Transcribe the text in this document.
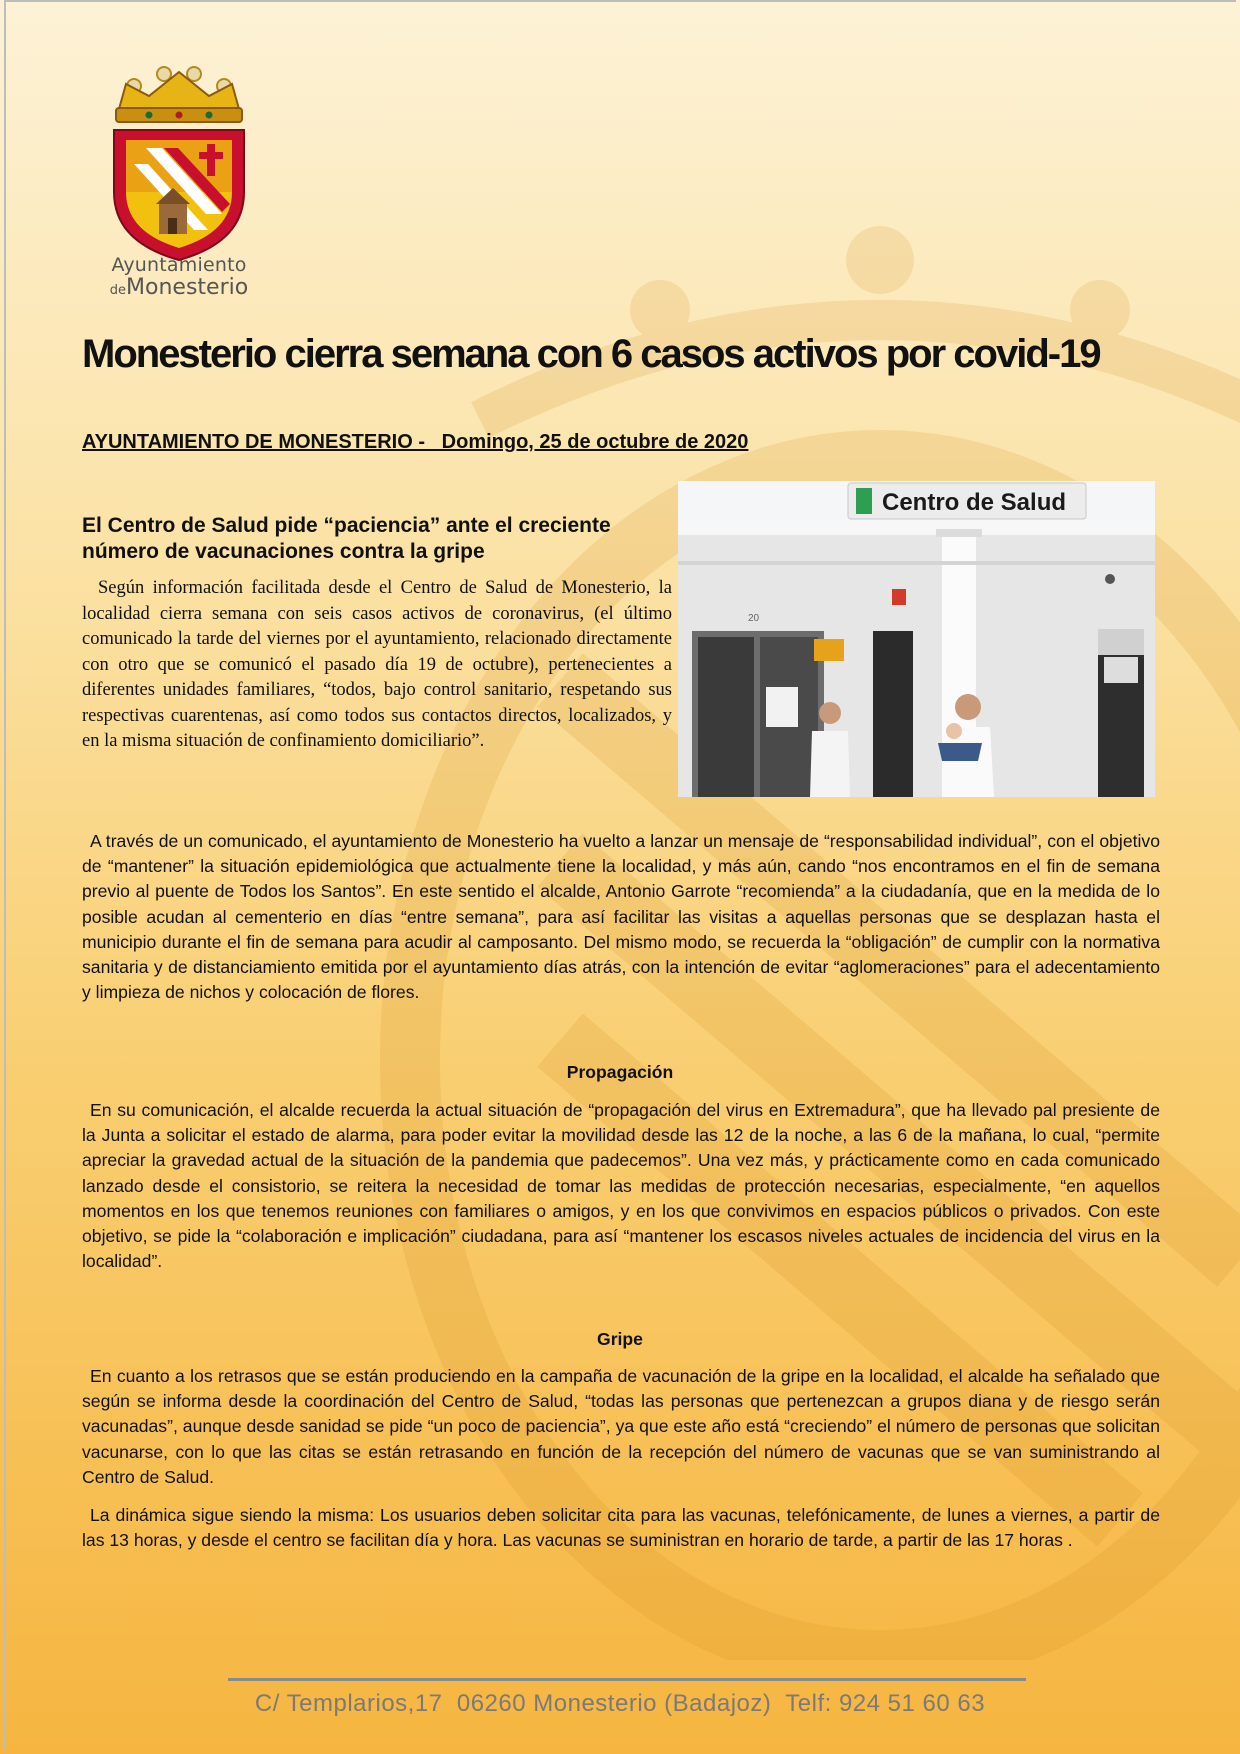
Ayuntamiento
deMonesterio
Monesterio cierra semana con 6 casos activos por covid-19

AYUNTAMIENTO DE MONESTERIO -   Domingo, 25 de octubre de 2020

El Centro de Salud pide “paciencia” ante el creciente número de vacunaciones contra la gripe
Centro de Salud
20

Según información facilitada desde el Centro de Salud de Monesterio, la localidad cierra semana con seis casos activos de coronavirus, (el último comunicado la tarde del viernes por el ayuntamiento, relacionado directamente con otro que se comunicó el pasado día 19 de octubre), pertenecientes a diferentes unidades familiares, “todos, bajo control sanitario, respetando sus respectivas cuarentenas, así como todos sus contactos directos, localizados, y en la misma situación de confinamiento domiciliario”.

A través de un comunicado, el ayuntamiento de Monesterio ha vuelto a lanzar un mensaje de “responsabilidad individual”, con el objetivo de “mantener” la situación epidemiológica que actualmente tiene la localidad, y más aún, cando “nos encontramos en el fin de semana previo al puente de Todos los Santos”. En este sentido el alcalde, Antonio Garrote “recomienda” a la ciudadanía, que en la medida de lo posible acudan al cementerio en días “entre semana”, para así facilitar las visitas a aquellas personas que se desplazan hasta el municipio durante el fin de semana para acudir al camposanto. Del mismo modo, se recuerda la “obligación” de cumplir con la normativa sanitaria y de distanciamiento emitida por el ayuntamiento días atrás, con la intención de evitar “aglomeraciones” para el adecentamiento y limpieza de nichos y colocación de flores.

Propagación

En su comunicación, el alcalde recuerda la actual situación de “propagación del virus en Extremadura”, que ha llevado pal presiente de la Junta a solicitar el estado de alarma, para poder evitar la movilidad desde las 12 de la noche, a las 6 de la mañana, lo cual, “permite apreciar la gravedad actual de la situación de la pandemia que padecemos”. Una vez más, y prácticamente como en cada comunicado lanzado desde el consistorio, se reitera la necesidad de tomar las medidas de protección necesarias, especialmente, “en aquellos momentos en los que tenemos reuniones con familiares o amigos, y en los que convivimos en espacios públicos o privados. Con este objetivo, se pide la “colaboración e implicación” ciudadana, para así “mantener los escasos niveles actuales de incidencia del virus en la localidad”.

Gripe

En cuanto a los retrasos que se están produciendo en la campaña de vacunación de la gripe en la localidad, el alcalde ha señalado que según se informa desde la coordinación del Centro de Salud, “todas las personas que pertenezcan a grupos diana y de riesgo serán vacunadas”, aunque desde sanidad se pide “un poco de paciencia”, ya que este año está “creciendo” el número de personas que solicitan vacunarse, con lo que las citas se están retrasando en función de la recepción del número de vacunas que se van suministrando al Centro de Salud.

La dinámica sigue siendo la misma: Los usuarios deben solicitar cita para las vacunas, telefónicamente, de lunes a viernes, a partir de las 13 horas, y desde el centro se facilitan día y hora. Las vacunas se suministran en horario de tarde, a partir de las 17 horas .

C/ Templarios,17  06260 Monesterio (Badajoz)  Telf: 924 51 60 63
